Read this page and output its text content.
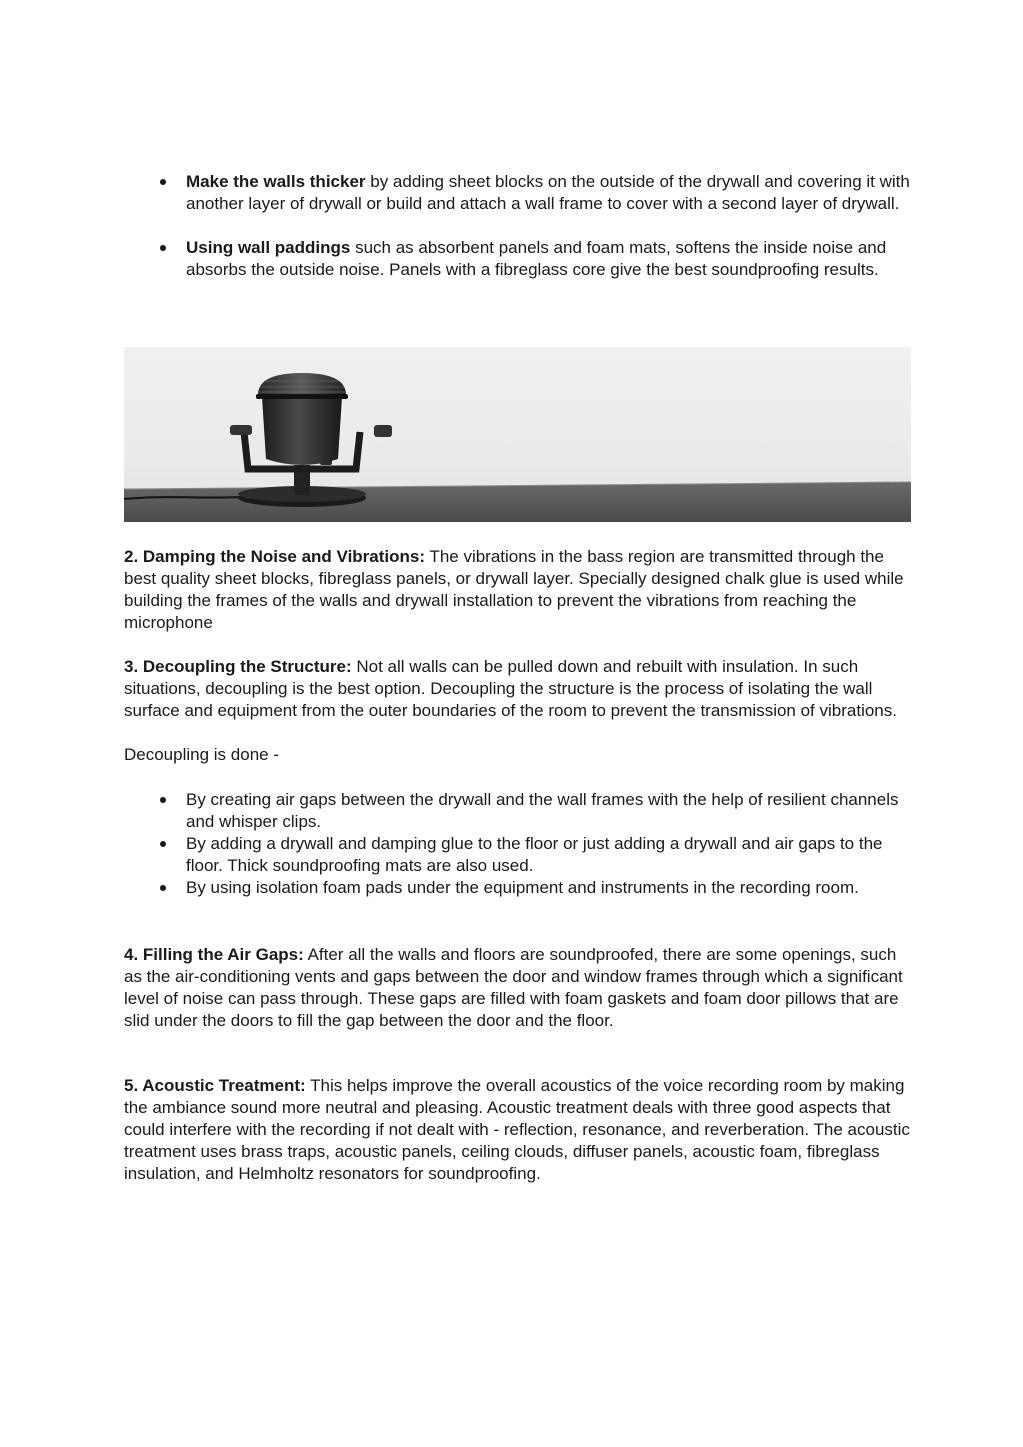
Make the walls thicker by adding sheet blocks on the outside of the drywall and covering it with another layer of drywall or build and attach a wall frame to cover with a second layer of drywall.
Using wall paddings such as absorbent panels and foam mats, softens the inside noise and absorbs the outside noise. Panels with a fibreglass core give the best soundproofing results.

2. Damping the Noise and Vibrations: The vibrations in the bass region are transmitted through the best quality sheet blocks, fibreglass panels, or drywall layer. Specially designed chalk glue is used while building the frames of the walls and drywall installation to prevent the vibrations from reaching the microphone

3. Decoupling the Structure: Not all walls can be pulled down and rebuilt with insulation. In such situations, decoupling is the best option. Decoupling the structure is the process of isolating the wall surface and equipment from the outer boundaries of the room to prevent the transmission of vibrations.

Decoupling is done -

By creating air gaps between the drywall and the wall frames with the help of resilient channels and whisper clips.
By adding a drywall and damping glue to the floor or just adding a drywall and air gaps to the floor. Thick soundproofing mats are also used.
By using isolation foam pads under the equipment and instruments in the recording room.

4. Filling the Air Gaps: After all the walls and floors are soundproofed, there are some openings, such as the air-conditioning vents and gaps between the door and window frames through which a significant level of noise can pass through. These gaps are filled with foam gaskets and foam door pillows that are slid under the doors to fill the gap between the door and the floor.

5. Acoustic Treatment: This helps improve the overall acoustics of the voice recording room by making the ambiance sound more neutral and pleasing. Acoustic treatment deals with three good aspects that could interfere with the recording if not dealt with - reflection, resonance, and reverberation. The acoustic treatment uses brass traps, acoustic panels, ceiling clouds, diffuser panels, acoustic foam, fibreglass insulation, and Helmholtz resonators for soundproofing.
